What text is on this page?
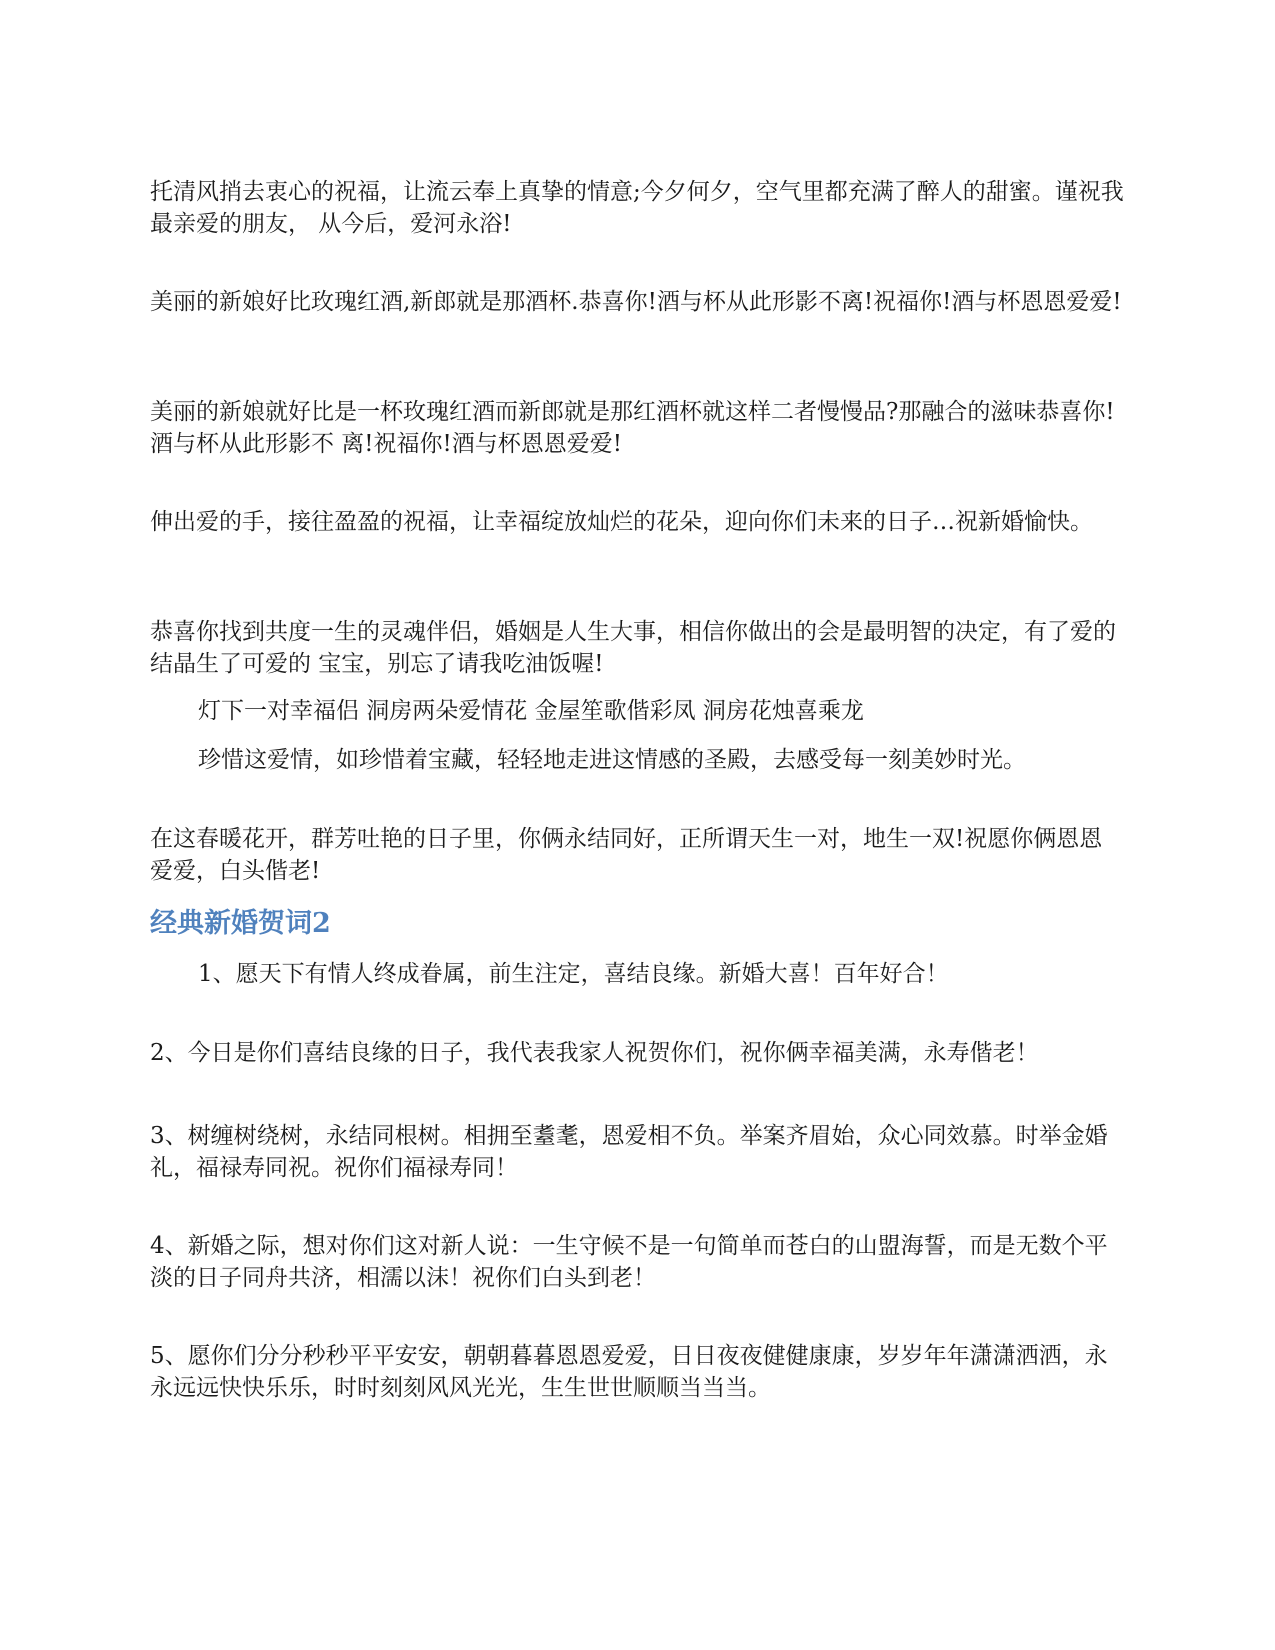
托清风捎去衷心的祝福，让流云奉上真挚的情意;今夕何夕，空气里都充满了醉人的甜蜜。谨祝我最亲爱的朋友， 从今后，爱河永浴!

美丽的新娘好比玫瑰红酒,新郎就是那酒杯.恭喜你!酒与杯从此形影不离!祝福你!酒与杯恩恩爱爱!

美丽的新娘就好比是一杯玫瑰红酒而新郎就是那红酒杯就这样二者慢慢品?那融合的滋味恭喜你!酒与杯从此形影不 离!祝福你!酒与杯恩恩爱爱!

伸出爱的手，接往盈盈的祝福，让幸福绽放灿烂的花朵，迎向你们未来的日子…祝新婚愉快。

恭喜你找到共度一生的灵魂伴侣，婚姻是人生大事，相信你做出的会是最明智的决定，有了爱的结晶生了可爱的 宝宝，别忘了请我吃油饭喔!

灯下一对幸福侣 洞房两朵爱情花 金屋笙歌偕彩凤 洞房花烛喜乘龙

珍惜这爱情，如珍惜着宝藏，轻轻地走进这情感的圣殿，去感受每一刻美妙时光。

在这春暖花开，群芳吐艳的日子里，你俩永结同好，正所谓天生一对，地生一双!祝愿你俩恩恩爱爱，白头偕老!

经典新婚贺词2

1、愿天下有情人终成眷属，前生注定，喜结良缘。新婚大喜！百年好合！

2、今日是你们喜结良缘的日子，我代表我家人祝贺你们，祝你俩幸福美满，永寿偕老！

3、树缠树绕树，永结同根树。相拥至耋耄，恩爱相不负。举案齐眉始，众心同效慕。时举金婚礼，福禄寿同祝。祝你们福禄寿同！

4、新婚之际，想对你们这对新人说：一生守候不是一句简单而苍白的山盟海誓，而是无数个平淡的日子同舟共济，相濡以沫！祝你们白头到老！

5、愿你们分分秒秒平平安安，朝朝暮暮恩恩爱爱，日日夜夜健健康康，岁岁年年潇潇洒洒，永永远远快快乐乐，时时刻刻风风光光，生生世世顺顺当当当。
